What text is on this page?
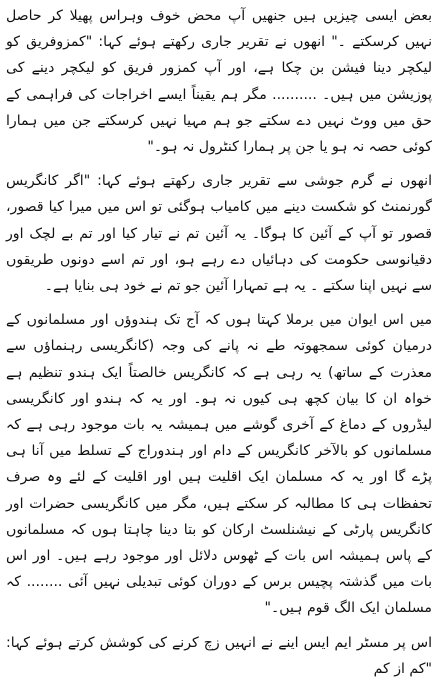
بعض ایسی چیزیں ہیں جنھیں آپ محض خوف وہراس پھیلا کر حاصل نہیں کرسکتے ۔" انھوں نے تقریر جاری رکھتے ہوئے کہا: "کمزوفریق کو لیکچر دینا فیشن بن چکا ہے، اور آپ کمزور فریق کو لیکچر دینے کی پوزیشن میں ہیں۔ .......... مگر ہم یقیناً ایسے اخراجات کی فراہمی کے حق میں ووٹ نہیں دے سکتے جو ہم مہیا نہیں کرسکتے جن میں ہمارا کوئی حصہ نہ ہو یا جن پر ہمارا کنٹرول نہ ہو۔"

انھوں نے گرم جوشی سے تقریر جاری رکھتے ہوئے کہا: "اگر کانگریس گورنمنٹ کو شکست دینے میں کامیاب ہوگئی تو اس میں میرا کیا قصور، قصور تو آپ کے آئین کا ہوگا۔ یہ آئین تم نے تیار کیا اور تم بے لچک اور دقیانوسی حکومت کی دہائیاں دے رہے ہو، اور تم اسے دونوں طریقوں سے نہیں اپنا سکتے ۔ یہ ہے تمہارا آئین جو تم نے خود ہی بنایا ہے۔

میں اس ایوان میں برملا کہتا ہوں کہ آج تک ہندوؤں اور مسلمانوں کے درمیان کوئی سمجھوتہ طے نہ پانے کی وجہ (کانگریسی رہنماؤں سے معذرت کے ساتھ) یہ رہی ہے کہ کانگریس خالصتاً ایک ہندو تنظیم ہے خواہ ان کا بیان کچھ ہی کیوں نہ ہو۔ اور یہ کہ ہندو اور کانگریسی لیڈروں کے دماغ کے آخری گوشے میں ہمیشہ یہ بات موجود رہی ہے کہ مسلمانوں کو بالآخر کانگریس کے دام اور ہندوراج کے تسلط میں آنا ہی پڑے گا اور یہ کہ مسلمان ایک اقلیت ہیں اور اقلیت کے لئے وہ صرف تحفظات ہی کا مطالبہ کر سکتے ہیں، مگر میں کانگریسی حضرات اور کانگریس پارٹی کے نیشنلسٹ ارکان کو بتا دینا چاہتا ہوں کہ مسلمانوں کے پاس ہمیشہ اس بات کے ٹھوس دلائل اور موجود رہے ہیں۔ اور اس بات میں گذشتہ پچیس برس کے دوران کوئی تبدیلی نہیں آئی ........ کہ مسلمان ایک الگ قوم ہیں۔"

اس پر مسٹر ایم ایس اینے نے انہیں زچ کرنے کی کوشش کرتے ہوئے کہا: "کم از کم
